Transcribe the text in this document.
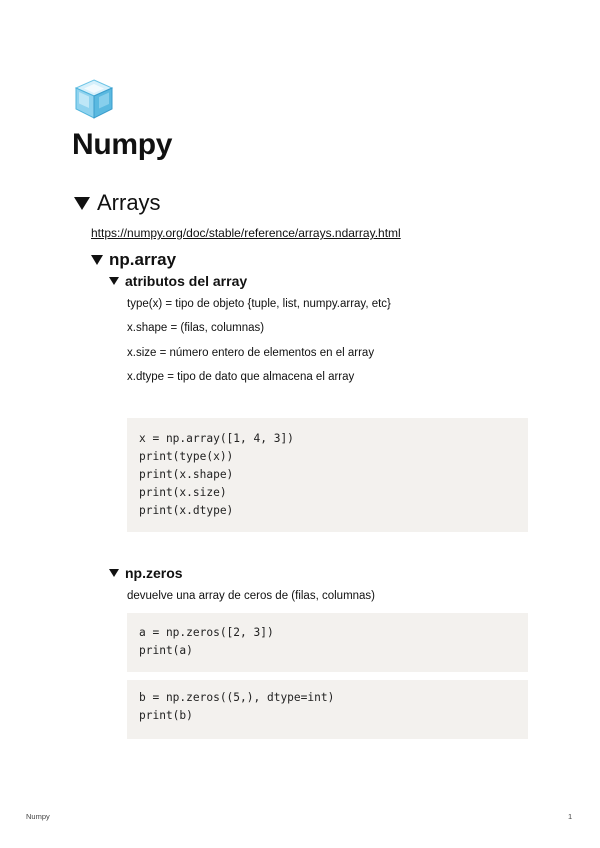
Numpy
Arrays
https://numpy.org/doc/stable/reference/arrays.ndarray.html
np.array
atributos del array

type(x) = tipo de objeto {tuple, list, numpy.array, etc}

x.shape = (filas, columnas)

x.size = número entero de elementos en el array

x.dtype = tipo de dato que almacena el array

x = np.array([1, 4, 3])
print(type(x))
print(x.shape)
print(x.size)
print(x.dtype)
np.zeros

devuelve una array de ceros de (filas, columnas)

a = np.zeros([2, 3])
print(a)
b = np.zeros((5,), dtype=int)
print(b)
Numpy	1
